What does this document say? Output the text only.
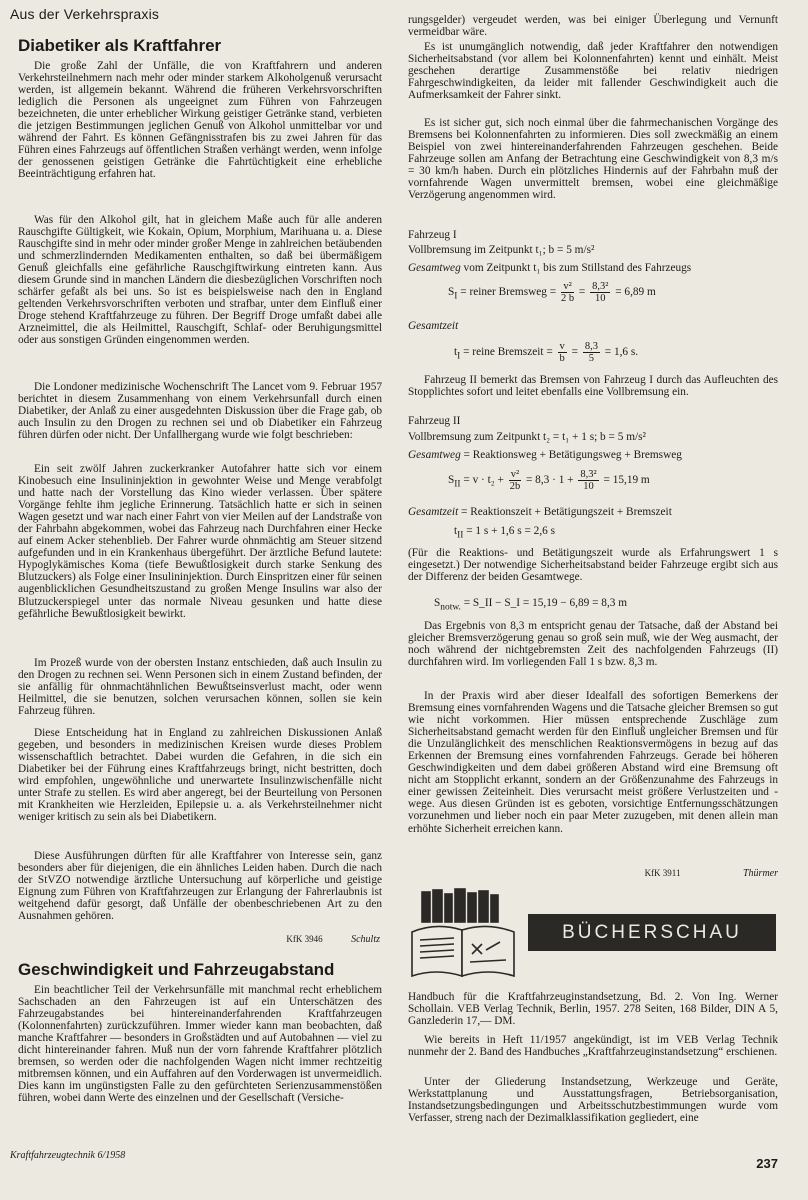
Aus der Verkehrspraxis
Diabetiker als Kraftfahrer

Die große Zahl der Unfälle, die von Kraftfahrern und anderen Verkehrsteilnehmern nach mehr oder minder starkem Alkoholgenuß verursacht werden, ist allgemein bekannt. Während die früheren Verkehrsvorschriften lediglich die Personen als ungeeignet zum Führen von Fahrzeugen bezeichneten, die unter erheblicher Wirkung geistiger Getränke stand, verbieten die jetzigen Bestimmungen jeglichen Genuß von Alkohol unmittelbar vor und während der Fahrt. Es können Gefängnisstrafen bis zu zwei Jahren für das Führen eines Fahrzeugs auf öffentlichen Straßen verhängt werden, wenn infolge der genossenen geistigen Getränke die Fahrtüchtigkeit eine erhebliche Beeinträchtigung erfahren hat.

Was für den Alkohol gilt, hat in gleichem Maße auch für alle anderen Rauschgifte Gültigkeit, wie Kokain, Opium, Morphium, Marihuana u. a. Diese Rauschgifte sind in mehr oder minder großer Menge in zahlreichen betäubenden und schmerzlindernden Medikamenten enthalten, so daß bei übermäßigem Genuß gleichfalls eine gefährliche Rauschgiftwirkung eintreten kann. Aus diesem Grunde sind in manchen Ländern die diesbezüglichen Vorschriften noch schärfer gefaßt als bei uns. So ist es beispielsweise nach den in England geltenden Verkehrsvorschriften verboten und strafbar, unter dem Einfluß einer Droge stehend Kraftfahrzeuge zu führen. Der Begriff Droge umfaßt dabei alle Arzneimittel, die als Heilmittel, Rauschgift, Schlaf- oder Beruhigungsmittel oder aus sonstigen Gründen eingenommen werden.

Die Londoner medizinische Wochenschrift The Lancet vom 9. Februar 1957 berichtet in diesem Zusammenhang von einem Verkehrsunfall durch einen Diabetiker, der Anlaß zu einer ausgedehnten Diskussion über die Frage gab, ob auch Insulin zu den Drogen zu rechnen sei und ob Diabetiker ein Fahrzeug führen dürfen oder nicht. Der Unfallhergang wurde wie folgt beschrieben:

Ein seit zwölf Jahren zuckerkranker Autofahrer hatte sich vor einem Kinobesuch eine Insulininjektion in gewohnter Weise und Menge verabfolgt und hatte nach der Vorstellung das Kino wieder verlassen. Über spätere Vorgänge fehlte ihm jegliche Erinnerung. Tatsächlich hatte er sich in seinen Wagen gesetzt und war nach einer Fahrt von vier Meilen auf der Landstraße von der Fahrbahn abgekommen, wobei das Fahrzeug nach Durchfahren einer Hecke auf einem Acker stehenblieb. Der Fahrer wurde ohnmächtig am Steuer sitzend aufgefunden und in ein Krankenhaus übergeführt. Der ärztliche Befund lautete: Hypoglykämisches Koma (tiefe Bewußtlosigkeit durch starke Senkung des Blutzuckers) als Folge einer Insulininjektion. Durch Einspritzen einer für seinen augenblicklichen Gesundheitszustand zu großen Menge Insulins war also der Blutzuckerspiegel unter das normale Niveau gesunken und hatte diese gefährliche Bewußtlosigkeit bewirkt.

Im Prozeß wurde von der obersten Instanz entschieden, daß auch Insulin zu den Drogen zu rechnen sei. Wenn Personen sich in einem Zustand befinden, der sie anfällig für ohnmachtähnlichen Bewußtseinsverlust macht, oder wenn Heilmittel, die sie benutzen, solchen verursachen können, sollen sie kein Fahrzeug führen.

Diese Entscheidung hat in England zu zahlreichen Diskussionen Anlaß gegeben, und besonders in medizinischen Kreisen wurde dieses Problem wissenschaftlich betrachtet. Dabei wurden die Gefahren, in die sich ein Diabetiker bei der Führung eines Kraftfahrzeugs bringt, nicht bestritten, doch wird empfohlen, ungewöhnliche und unerwartete Insulinzwischenfälle nicht unter Strafe zu stellen. Es wird aber angeregt, bei der Beurteilung von Personen mit Krankheiten wie Herzleiden, Epilepsie u. a. als Verkehrsteilnehmer nicht weniger kritisch zu sein als bei Diabetikern.

Diese Ausführungen dürften für alle Kraftfahrer von Interesse sein, ganz besonders aber für diejenigen, die ein ähnliches Leiden haben. Durch die nach der StVZO notwendige ärztliche Untersuchung auf körperliche und geistige Eignung zum Führen von Kraftfahrzeugen zur Erlangung der Fahrerlaubnis ist weitgehend dafür gesorgt, daß Unfälle der obenbeschriebenen Art zu den Ausnahmen gehören.

KfK 3946	Schultz
Geschwindigkeit und Fahrzeugabstand

Ein beachtlicher Teil der Verkehrsunfälle mit manchmal recht erheblichem Sachschaden an den Fahrzeugen ist auf ein Unterschätzen des Fahrzeugabstandes bei hintereinanderfahrenden Kraftfahrzeugen (Kolonnenfahrten) zurückzuführen. Immer wieder kann man beobachten, daß manche Kraftfahrer — besonders in Großstädten und auf Autobahnen — viel zu dicht hintereinander fahren. Muß nun der vorn fahrende Kraftfahrer plötzlich bremsen, so werden oder die nachfolgenden Wagen nicht immer rechtzeitig mitbremsen können, und ein Auffahren auf den Vorderwagen ist unvermeidlich. Dies kann im ungünstigsten Falle zu den gefürchteten Serienzusammenstößen führen, wobei dann Werte des einzelnen und der Gesellschaft (Versiche-

rungsgelder) vergeudet werden, was bei einiger Überlegung und Vernunft vermeidbar wäre.

Es ist unumgänglich notwendig, daß jeder Kraftfahrer den notwendigen Sicherheitsabstand (vor allem bei Kolonnenfahrten) kennt und einhält. Meist geschehen derartige Zusammenstöße bei relativ niedrigen Fahrgeschwindigkeiten, da leider mit fallender Geschwindigkeit auch die Aufmerksamkeit der Fahrer sinkt.

Es ist sicher gut, sich noch einmal über die fahrmechanischen Vorgänge des Bremsens bei Kolonnenfahrten zu informieren. Dies soll zweckmäßig an einem Beispiel von zwei hintereinanderfahrenden Fahrzeugen geschehen. Beide Fahrzeuge sollen am Anfang der Betrachtung eine Geschwindigkeit von 8,3 m/s = 30 km/h haben. Durch ein plötzliches Hindernis auf der Fahrbahn muß der vornfahrende Wagen unvermittelt bremsen, wobei eine gleichmäßige Verzögerung angenommen wird.

Fahrzeug I
Vollbremsung im Zeitpunkt t₁; b = 5 m/s²
Gesamtweg vom Zeitpunkt t₁ bis zum Stillstand des Fahrzeugs
$S_I$ = reiner Bremsweg = $\frac{\text{v²}}{2 b} = \frac{\text{8,3²}}{10} = 6,89$ m
Gesamtzeit
$t_I$ = reine Bremszeit = $\frac{v}{b} = \frac{8,3}{5} = 1,6$ s.

Fahrzeug II bemerkt das Bremsen von Fahrzeug I durch das Aufleuchten des Stopplichtes sofort und leitet ebenfalls eine Vollbremsung ein.

Fahrzeug II
Vollbremsung zum Zeitpunkt t₂ = t₁ + 1 s; b = 5 m/s²
Gesamtweg = Reaktionsweg + Betätigungsweg + Bremsweg
$S_{II} = v \cdot t_2 + \frac{\text{v²}}{2b} = 8,3 \cdot 1 + \frac{\text{8,3²}}{10} = 15,19$ m
Gesamtzeit = Reaktionszeit + Betätigungszeit + Bremszeit
$t_{II} = 1$ s + 1,6 s = 2,6 s

(Für die Reaktions- und Betätigungszeit wurde als Erfahrungswert 1 s eingesetzt.) Der notwendige Sicherheitsabstand beider Fahrzeuge ergibt sich aus der Differenz der beiden Gesamtwege.

$S_{notw.}$ = S_II − S_I = 15,19 − 6,89 = 8,3 m

Das Ergebnis von 8,3 m entspricht genau der Tatsache, daß der Abstand bei gleicher Bremsverzögerung genau so groß sein muß, wie der Weg ausmacht, der noch während der nichtgebremsten Zeit des nachfolgenden Fahrzeugs (II) durchfahren wird. Im vorliegenden Fall 1 s bzw. 8,3 m.

In der Praxis wird aber dieser Idealfall des sofortigen Bemerkens der Bremsung eines vornfahrenden Wagens und die Tatsache gleicher Bremsen so gut wie nicht vorkommen. Hier müssen entsprechende Zuschläge zum Sicherheitsabstand gemacht werden für den Einfluß ungleicher Bremsen und für die Unzulänglichkeit des menschlichen Reaktionsvermögens in bezug auf das Erkennen der Bremsung eines vornfahrenden Fahrzeugs. Gerade bei höheren Geschwindigkeiten und dem dabei größeren Abstand wird eine Bremsung oft nicht am Stopplicht erkannt, sondern an der Größenzunahme des Fahrzeugs in einer gewissen Zeiteinheit. Dies verursacht meist größere Verlustzeiten und -wege. Aus diesen Gründen ist es geboten, vorsichtige Entfernungsschätzungen vorzunehmen und lieber noch ein paar Meter zuzugeben, mit denen allein man erhöhte Sicherheit erreichen kann.

KfK 3911	Thürmer
BÜCHERSCHAU

Handbuch für die Kraftfahrzeuginstandsetzung, Bd. 2. Von Ing. Werner Schollain. VEB Verlag Technik, Berlin, 1957. 278 Seiten, 168 Bilder, DIN A 5, Ganzlederin 17,— DM.

Wie bereits in Heft 11/1957 angekündigt, ist im VEB Verlag Technik nunmehr der 2. Band des Handbuches „Kraftfahrzeuginstandsetzung“ erschienen.

Unter der Gliederung Instandsetzung, Werkzeuge und Geräte, Werkstattplanung und Ausstattungsfragen, Betriebsorganisation, Instandsetzungsbedingungen und Arbeitsschutzbestimmungen wurde vom Verfasser, streng nach der Dezimalklassifikation gegliedert, eine

Kraftfahrzeugtechnik 6/1958
237
